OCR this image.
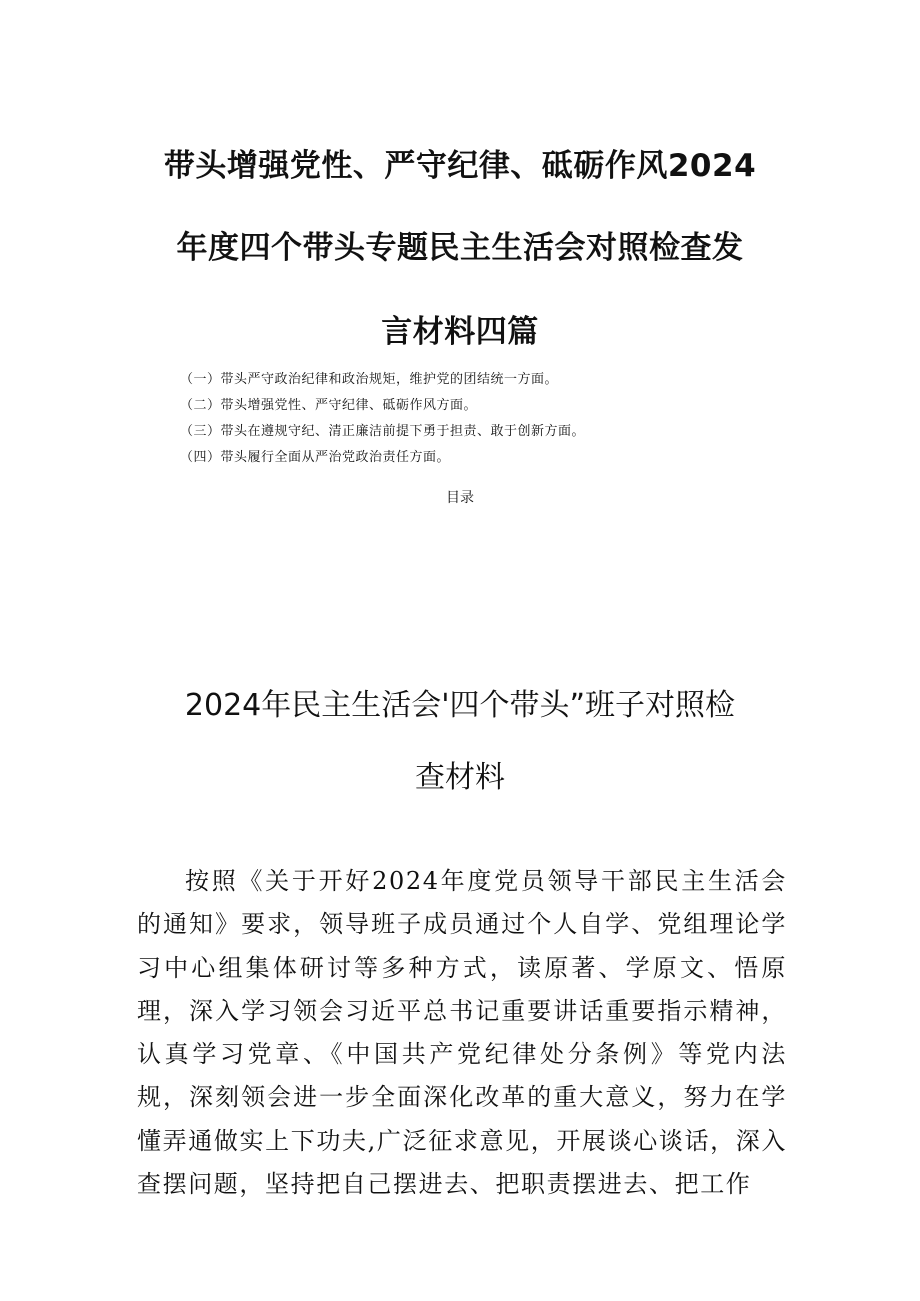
带头增强党性、严守纪律、砥砺作风2024
年度四个带头专题民主生活会对照检查发
言材料四篇
（一）带头严守政治纪律和政治规矩，维护党的团结统一方面。
（二）带头增强党性、严守纪律、砥砺作风方面。
（三）带头在遵规守纪、清正廉洁前提下勇于担责、敢于创新方面。
（四）带头履行全面从严治党政治责任方面。
目录
2024年民主生活会'四个带头”班子对照检
查材料
按照《关于开好2024年度党员领导干部民主生活会的通知》要求，领导班子成员通过个人自学、党组理论学习中心组集体研讨等多种方式，读原著、学原文、悟原理，深入学习领会习近平总书记重要讲话重要指示精神，认真学习党章、《中国共产党纪律处分条例》等党内法规，深刻领会进一步全面深化改革的重大意义，努力在学懂弄通做实上下功夫,广泛征求意见，开展谈心谈话，深入查摆问题，坚持把自己摆进去、把职责摆进去、把工作
